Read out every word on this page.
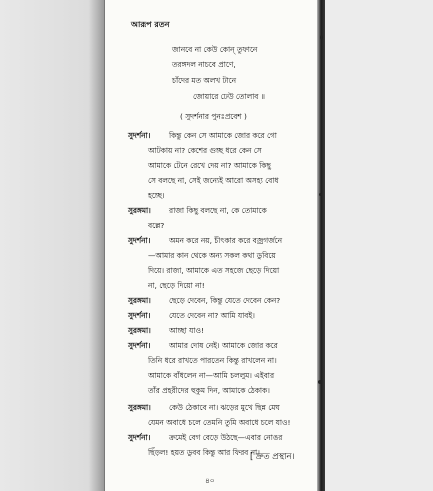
আরূপ রতন
জানবে না কেউ কোন্ তুফানে
তরঙ্গদল নাচবে প্রাণে,
চাঁদের মত অলখ টানে
জোয়ারে ঢেউ তোলাব ॥
( সুদর্শনার পুনঃপ্রবেশ )
সুদর্শনা।	কিন্তু কেন সে আমাকে জোর করে গো
আটকায় না? কেশের গুচ্ছ ধরে কেন সে
আমাকে টেনে রেখে দেয় না? আমাকে কিছু
সে বলছে না, সেই জন্যেই আরো অসহ্য বোধ
হচ্ছে।
সুরঙ্গমা। রাজা কিছু বলছে না, কে তোমাকে
বল্লে?
সুদর্শনা।	অমন করে নয়, চীৎকার করে বজ্রগর্জনে
—আমার কান থেকে অন্য সকল কথা ডুবিয়ে
দিয়ে। রাজা, আমাকে এত সহজে ছেড়ে দিয়ো
না, ছেড়ে দিয়ো না!
সুরঙ্গমা। ছেড়ে দেবেন, কিন্তু যেতে দেবেন কেন?
সুদর্শনা।	যেতে দেবেন না? আমি যাবই।
সুরঙ্গমা। আচ্ছা যাও!
সুদর্শনা।	আমার দোষ নেই। আমাকে জোর করে
তিনি ধরে রাখতে পারতেন কিন্তু রাখলেন না।
আমাকে বাঁধলেন না—আমি চললুম। এইবার
তাঁর প্রহরীদের হুকুম দিন, আমাকে ঠেকাক।
সুরঙ্গমা। কেউ ঠেকাবে না। ঝড়ের মুখে ছিন্ন মেঘ
যেমন অবাধে চলে তেমনি তুমি অবাধে চলে যাও!
সুদর্শনা।	ক্রমেই বেগ বেড়ে উঠছে—এবার নোঙর
ছিঁড়ল! হয়ত ডুবব কিন্তু আর ফিরব না।
[ দ্রুত প্রস্থান।
৪০
